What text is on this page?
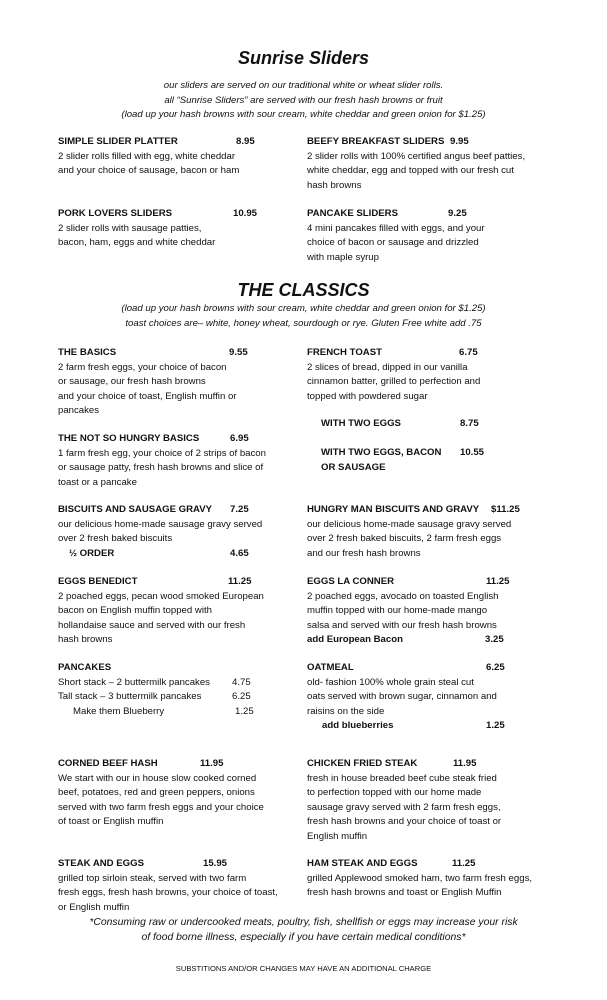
Sunrise Sliders
our sliders are served on our traditional white or wheat slider rolls.
all “Sunrise Sliders” are served with our fresh hash browns or fruit
(load up your hash browns with sour cream, white cheddar and green onion for $1.25)
SIMPLE SLIDER PLATTER	8.95
2 slider rolls filled with egg, white cheddar
and your choice of sausage, bacon or ham
BEEFY BREAKFAST SLIDERS 9.95
2 slider rolls with 100% certified angus beef patties,
white cheddar, egg and topped with our fresh cut
hash browns
PORK LOVERS SLIDERS	10.95
2 slider rolls with sausage patties,
bacon, ham, eggs and white cheddar
PANCAKE SLIDERS	9.25
4 mini pancakes filled with eggs, and your
choice of bacon or sausage and drizzled
with maple syrup
THE CLASSICS
(load up your hash browns with sour cream, white cheddar and green onion for $1.25)
toast choices are– white, honey wheat, sourdough or rye. Gluten Free white add .75
THE BASICS	9.55
2 farm fresh eggs, your choice of bacon
or sausage, our fresh hash browns
and your choice of toast, English muffin or
pancakes
THE NOT SO HUNGRY BASICS	6.95
1 farm fresh egg, your choice of 2 strips of bacon
or sausage patty, fresh hash browns and slice of
toast or a pancake
BISCUITS AND SAUSAGE GRAVY 7.25
our delicious home-made sausage gravy served
over 2 fresh baked biscuits
½ ORDER	4.65
EGGS BENEDICT	11.25
2 poached eggs, pecan wood smoked European
bacon on English muffin topped with
hollandaise sauce and served with our fresh
hash browns
PANCAKES
Short stack – 2 buttermilk pancakes 4.75
Tall stack – 3 buttermilk pancakes	6.25
Make them Blueberry	1.25
CORNED BEEF HASH	11.95
We start with our in house slow cooked corned
beef, potatoes, red and green peppers, onions
served with two farm fresh eggs and your choice
of toast or English muffin
STEAK AND EGGS	15.95
grilled top sirloin steak, served with two farm
fresh eggs, fresh hash browns, your choice of toast,
or English muffin
FRENCH TOAST	6.75
2 slices of bread, dipped in our vanilla
cinnamon batter, grilled to perfection and
topped with powdered sugar
WITH TWO EGGS	8.75
WITH TWO EGGS, BACON 10.55
OR SAUSAGE
HUNGRY MAN BISCUITS AND GRAVY $11.25
our delicious home-made sausage gravy served
over 2 fresh baked biscuits, 2 farm fresh eggs
and our fresh hash browns
EGGS LA CONNER	11.25
2 poached eggs, avocado on toasted English
muffin topped with our home-made mango
salsa and served with our fresh hash browns
add European Bacon	3.25
OATMEAL	6.25
old- fashion 100% whole grain steal cut
oats served with brown sugar, cinnamon and
raisins on the side
add blueberries	1.25
CHICKEN FRIED STEAK	11.95
fresh in house breaded beef cube steak fried
to perfection topped with our home made
sausage gravy served with 2 farm fresh eggs,
fresh hash browns and your choice of toast or
English muffin
HAM STEAK AND EGGS	11.25
grilled Applewood smoked ham, two farm fresh eggs,
fresh hash browns and toast or English Muffin
*Consuming raw or undercooked meats, poultry, fish, shellfish or eggs may increase your risk
of food borne illness, especially if you have certain medical conditions*
SUBSTITIONS AND/OR CHANGES MAY HAVE AN ADDITIONAL CHARGE
